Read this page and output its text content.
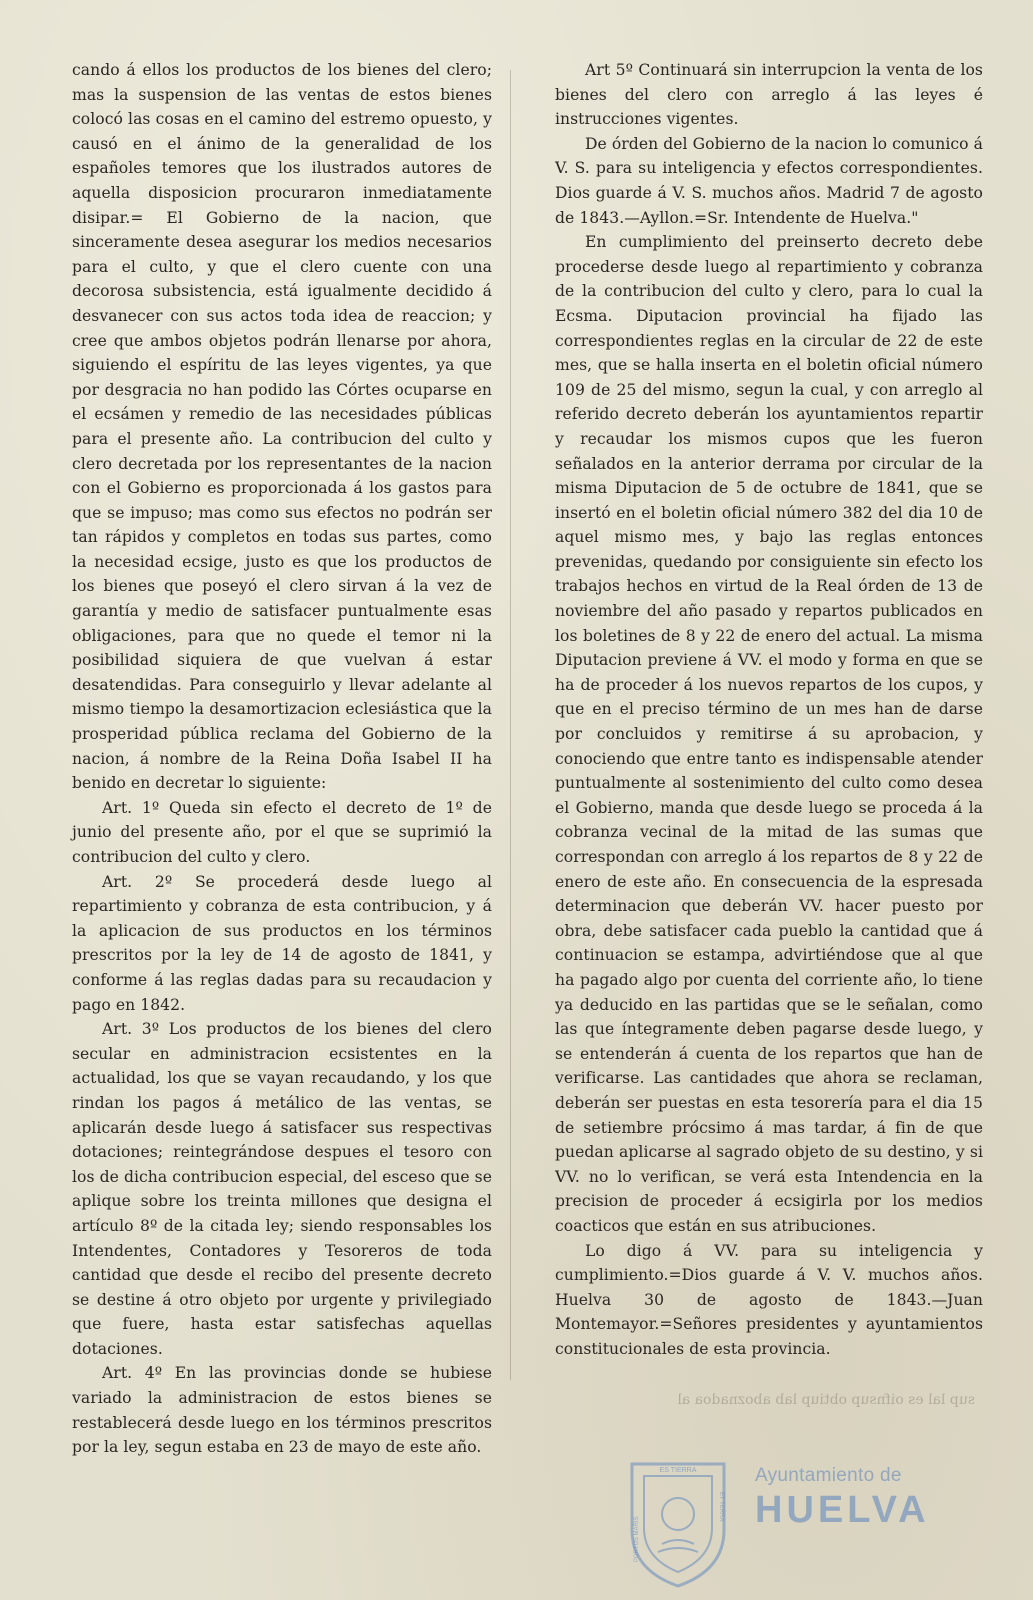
cando á ellos los productos de los bienes del clero; mas la suspension de las ventas de estos bienes colocó las cosas en el camino del estremo opuesto, y causó en el ánimo de la generalidad de los españoles temores que los ilustrados autores de aquella disposicion procuraron inmediatamente disipar.= El Gobierno de la nacion, que sinceramente desea asegurar los medios necesarios para el culto, y que el clero cuente con una decorosa subsistencia, está igualmente decidido á desvanecer con sus actos toda idea de reaccion; y cree que ambos objetos podrán llenarse por ahora, siguiendo el espíritu de las leyes vigentes, ya que por desgracia no han podido las Córtes ocuparse en el ecsámen y remedio de las necesidades públicas para el presente año. La contribucion del culto y clero decretada por los representantes de la nacion con el Gobierno es proporcionada á los gastos para que se impuso; mas como sus efectos no podrán ser tan rápidos y completos en todas sus partes, como la necesidad ecsige, justo es que los productos de los bienes que poseyó el clero sirvan á la vez de garantía y medio de satisfacer puntualmente esas obligaciones, para que no quede el temor ni la posibilidad siquiera de que vuelvan á estar desatendidas. Para conseguirlo y llevar adelante al mismo tiempo la desamortizacion eclesiástica que la prosperidad pública reclama del Gobierno de la nacion, á nombre de la Reina Doña Isabel II ha benido en decretar lo siguiente:

Art. 1º Queda sin efecto el decreto de 1º de junio del presente año, por el que se suprimió la contribucion del culto y clero.

Art. 2º Se procederá desde luego al repartimiento y cobranza de esta contribucion, y á la aplicacion de sus productos en los términos prescritos por la ley de 14 de agosto de 1841, y conforme á las reglas dadas para su recaudacion y pago en 1842.

Art. 3º Los productos de los bienes del clero secular en administracion ecsistentes en la actualidad, los que se vayan recaudando, y los que rindan los pagos á metálico de las ventas, se aplicarán desde luego á satisfacer sus respectivas dotaciones; reintegrándose despues el tesoro con los de dicha contribucion especial, del esceso que se aplique sobre los treinta millones que designa el artículo 8º de la citada ley; siendo responsables los Intendentes, Contadores y Tesoreros de toda cantidad que desde el recibo del presente decreto se destine á otro objeto por urgente y privilegiado que fuere, hasta estar satisfechas aquellas dotaciones.

Art. 4º En las provincias donde se hubiese variado la administracion de estos bienes se restablecerá desde luego en los términos prescritos por la ley, segun estaba en 23 de mayo de este año.

Art 5º Continuará sin interrupcion la venta de los bienes del clero con arreglo á las leyes é instrucciones vigentes.

De órden del Gobierno de la nacion lo comunico á V. S. para su inteligencia y efectos correspondientes. Dios guarde á V. S. muchos años. Madrid 7 de agosto de 1843.—Ayllon.=Sr. Intendente de Huelva."

En cumplimiento del preinserto decreto debe procederse desde luego al repartimiento y cobranza de la contribucion del culto y clero, para lo cual la Ecsma. Diputacion provincial ha fijado las correspondientes reglas en la circular de 22 de este mes, que se halla inserta en el boletin oficial número 109 de 25 del mismo, segun la cual, y con arreglo al referido decreto deberán los ayuntamientos repartir y recaudar los mismos cupos que les fueron señalados en la anterior derrama por circular de la misma Diputacion de 5 de octubre de 1841, que se insertó en el boletin oficial número 382 del dia 10 de aquel mismo mes, y bajo las reglas entonces prevenidas, quedando por consiguiente sin efecto los trabajos hechos en virtud de la Real órden de 13 de noviembre del año pasado y repartos publicados en los boletines de 8 y 22 de enero del actual. La misma Diputacion previene á VV. el modo y forma en que se ha de proceder á los nuevos repartos de los cupos, y que en el preciso término de un mes han de darse por concluidos y remitirse á su aprobacion, y conociendo que entre tanto es indispensable atender puntualmente al sostenimiento del culto como desea el Gobierno, manda que desde luego se proceda á la cobranza vecinal de la mitad de las sumas que correspondan con arreglo á los repartos de 8 y 22 de enero de este año. En consecuencia de la espresada determinacion que deberán VV. hacer puesto por obra, debe satisfacer cada pueblo la cantidad que á continuacion se estampa, advirtiéndose que al que ha pagado algo por cuenta del corriente año, lo tiene ya deducido en las partidas que se le señalan, como las que íntegramente deben pagarse desde luego, y se entenderán á cuenta de los repartos que han de verificarse. Las cantidades que ahora se reclaman, deberán ser puestas en esta tesorería para el dia 15 de setiembre prócsimo á mas tardar, á fin de que puedan aplicarse al sagrado objeto de su destino, y si VV. no lo verifican, se verá esta Intendencia en la precision de proceder á ecsigirla por los medios coacticos que están en sus atribuciones.

Lo digo á VV. para su inteligencia y cumplimiento.=Dios guarde á V. V. muchos años. Huelva 30 de agosto de 1843.—Juan Montemayor.=Señores presidentes y ayuntamientos constitucionales de esta provincia.

sup lal es oifnsup obtiup lab aboznadoa al
ES TIERRA
PORTUS MARIS
ET TERRA
Ayuntamiento de
HUELVA
